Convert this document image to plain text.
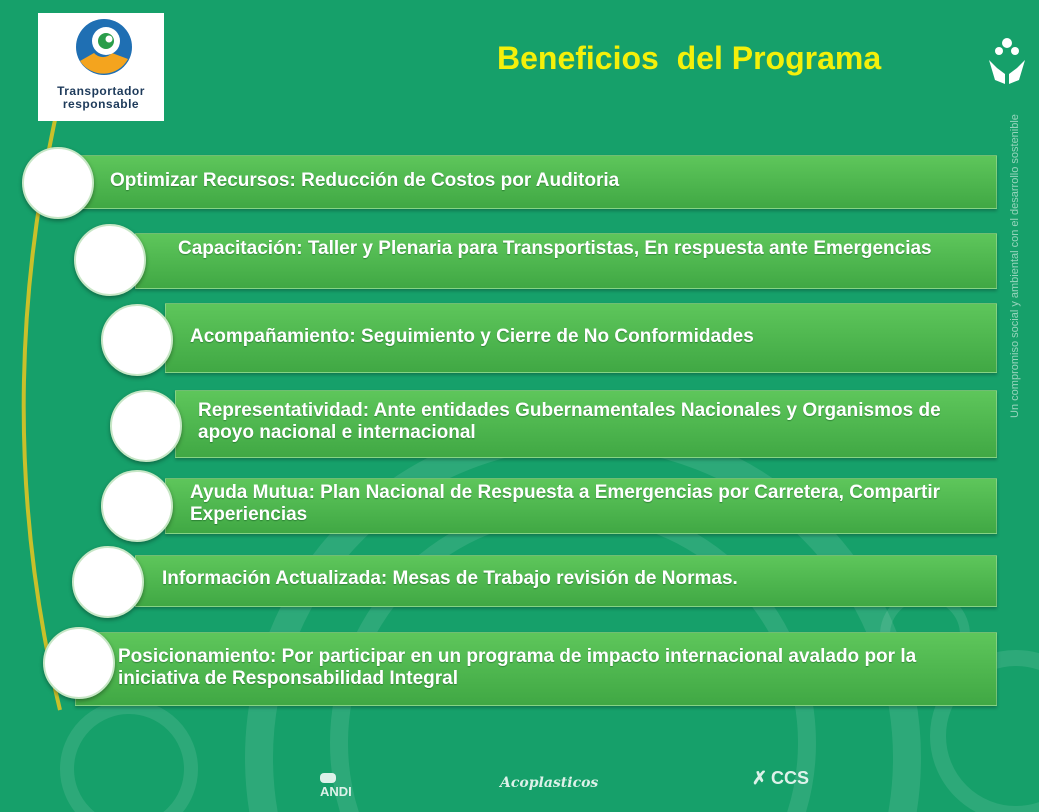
Transportador
responsable
Beneficios  del Programa
Un compromiso social y ambiental con el desarrollo sostenible
Optimizar Recursos: Reducción de Costos por Auditoria
Capacitación: Taller y Plenaria para Transportistas, En respuesta ante Emergencias
Acompañamiento: Seguimiento y Cierre de No Conformidades
Representatividad: Ante entidades Gubernamentales Nacionales y Organismos de apoyo nacional e internacional
Ayuda Mutua: Plan Nacional de Respuesta a Emergencias por Carretera, Compartir Experiencias
Información Actualizada: Mesas de Trabajo revisión de Normas.
Posicionamiento: Por participar en un programa de impacto internacional avalado por la iniciativa de Responsabilidad Integral
ANDI
Acoplasticos	✗ CCS
